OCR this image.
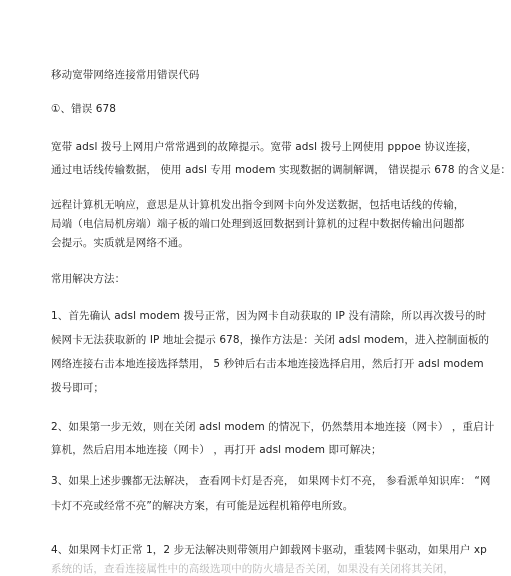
移动宽带网络连接常用错误代码
①、错误 678
宽带 adsl 拨号上网用户常常遇到的故障提示。宽带 adsl 拨号上网使用 pppoe 协议连接，
通过电话线传输数据， 使用 adsl 专用 modem 实现数据的调制解调， 错误提示 678 的含义是：
远程计算机无响应，意思是从计算机发出指令到网卡向外发送数据，包括电话线的传输，
局端（电信局机房端）端子板的端口处理到返回数据到计算机的过程中数据传输出问题都
会提示。实质就是网络不通。
常用解决方法：
1、首先确认 adsl modem 拨号正常，因为网卡自动获取的 IP 没有清除，所以再次拨号的时
候网卡无法获取新的 IP 地址会提示 678，操作方法是：关闭 adsl modem，进入控制面板的
网络连接右击本地连接选择禁用， 5 秒钟后右击本地连接选择启用，然后打开 adsl modem
拨号即可；
2、如果第一步无效，则在关闭 adsl modem 的情况下，仍然禁用本地连接（网卡） ，重启计
算机，然后启用本地连接（网卡） ，再打开 adsl modem 即可解决；
3、如果上述步骤都无法解决， 查看网卡灯是否亮， 如果网卡灯不亮， 参看派单知识库： “网
卡灯不亮或经常不亮”的解决方案，有可能是远程机箱停电所致。
4、如果网卡灯正常 1，2 步无法解决则带领用户卸载网卡驱动，重装网卡驱动，如果用户 xp
系统的话，查看连接属性中的高级选项中的防火墙是否关闭，如果没有关闭将其关闭，
